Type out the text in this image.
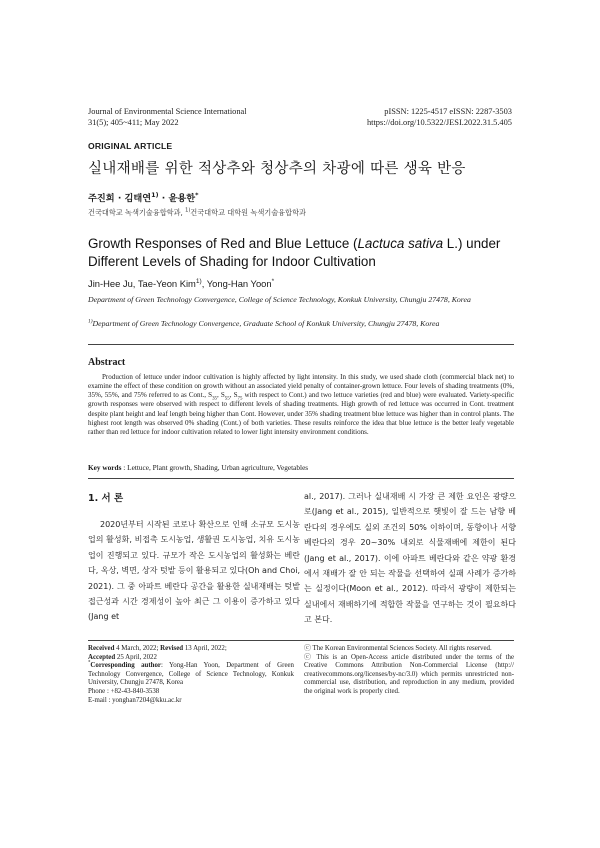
Journal of Environmental Science International
31(5); 405~411; May 2022
pISSN: 1225-4517 eISSN: 2287-3503
https://doi.org/10.5322/JESI.2022.31.5.405
ORIGINAL ARTICLE
실내재배를 위한 적상추와 청상추의 차광에 따른 생육 반응
주진희 · 김태연$^{1)}$ · 윤용한*
건국대학교 녹색기술융합학과, $^{1)}$건국대학교 대학원 녹색기술융합학과
Growth Responses of Red and Blue Lettuce (Lactuca sativa L.) under Different Levels of Shading for Indoor Cultivation
Jin-Hee Ju, Tae-Yeon Kim$^{1)}$, Yong-Han Yoon*
Department of Green Technology Convergence, College of Science Technology, Konkuk University, Chungju 27478, Korea
$^{1)}$Department of Green Technology Convergence, Graduate School of Konkuk University, Chungju 27478, Korea
Abstract
Production of lettuce under indoor cultivation is highly affected by light intensity. In this study, we used shade cloth (commercial black net) to examine the effect of these condition on growth without an associated yield penalty of container-grown lettuce. Four levels of shading treatments (0%, 35%, 55%, and 75% referred to as Cont., $S_{35}$, $S_{55}$, $S_{75}$ with respect to Cont.) and two lettuce varieties (red and blue) were evaluated. Variety-specific growth responses were observed with respect to different levels of shading treatments. High growth of red lettuce was occurred in Cont. treatment despite plant height and leaf length being higher than Cont. However, under 35% shading treatment blue lettuce was higher than in control plants. The highest root length was observed 0% shading (Cont.) of both varieties. These results reinforce the idea that blue lettuce is the better leafy vegetable rather than red lettuce for indoor cultivation related to lower light intensity environment conditions.
Key words : Lettuce, Plant growth, Shading, Urban agriculture, Vegetables
1. 서 론
2020년부터 시작된 코로나 확산으로 인해 소규모 도시농업의 활성화, 비접촉 도시농업, 생활권 도시농업, 치유 도시농업이 진행되고 있다. 규모가 작은 도시농업의 활성화는 베란다, 옥상, 벽면, 상자 텃밭 등이 활용되고 있다(Oh and Choi, 2021). 그 중 아파트 베란다 공간을 활용한 실내재배는 텃밭 접근성과 시간 경제성이 높아 최근 그 이용이 증가하고 있다(Jang et
al., 2017). 그러나 실내재배 시 가장 큰 제한 요인은 광량으로(Jang et al., 2015), 일반적으로 햇빛이 잘 드는 남향 베란다의 경우에도 실외 조건의 50% 이하이며, 동향이나 서향 베란다의 경우 20~30% 내외로 식물재배에 제한이 된다(Jang et al., 2017). 이에 아파트 베란다와 같은 약광 환경에서 재배가 잘 안 되는 작물을 선택하여 실패 사례가 증가하는 실정이다(Moon et al., 2012). 따라서 광량이 제한되는 실내에서 재배하기에 적합한 작물을 연구하는 것이 필요하다고 본다.
Received 4 March, 2022; Revised 13 April, 2022;
Accepted 25 April, 2022
*Corresponding author: Yong-Han Yoon, Department of Green Technology Convergence, College of Science Technology, Konkuk University, Chungju 27478, Korea
Phone : +82-43-840-3538
E-mail : yonghan7204@kku.ac.kr
ⓒ The Korean Environmental Sciences Society. All rights reserved.
ⓒ This is an Open-Access article distributed under the terms of the Creative Commons Attribution Non-Commercial License (http:// creativecommons.org/licenses/by-nc/3.0) which permits unrestricted non-commercial use, distribution, and reproduction in any medium, provided the original work is properly cited.
